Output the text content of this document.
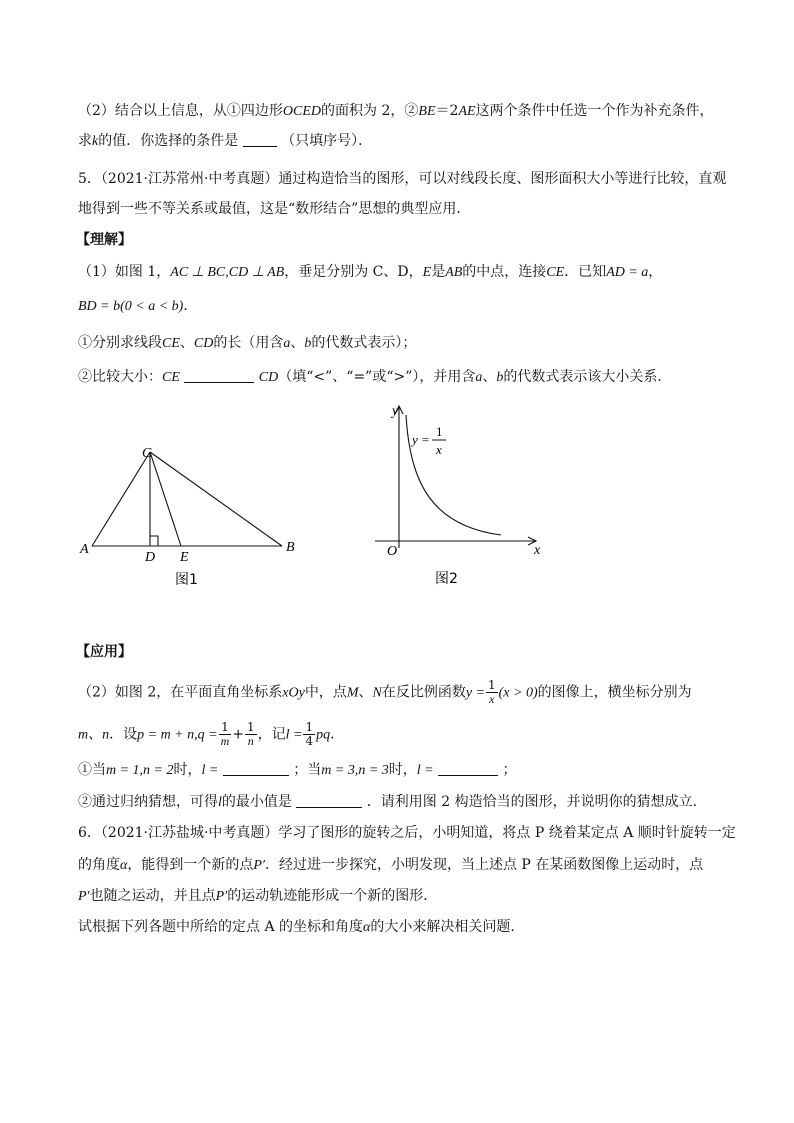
（2）结合以上信息，从①四边形OCED的面积为 2，②BE＝2AE这两个条件中任选一个作为补充条件，
求k的值．你选择的条件是	（只填序号）．
5．（2021·江苏常州·中考真题）通过构造恰当的图形，可以对线段长度、图形面积大小等进行比较，直观
地得到一些不等关系或最值，这是“数形结合”思想的典型应用．
【理解】
（1）如图 1，AC ⊥ BC,CD ⊥ AB，垂足分别为 C、D，E是AB的中点，连接CE．已知AD = a，
BD = b(0 < a < b)．
①分别求线段CE、CD的长（用含a、b的代数式表示）；
②比较大小：CE	CD（填“<”、“=”或“>”），并用含a、b的代数式表示该大小关系．
C
A	B
D E
图1
y
x
O
y =
1
x
图2
【应用】
（2）如图 2，在平面直角坐标系xOy中，点M、N在反比例函数$y = \frac{1}{x} (x > 0)$的图像上，横坐标分别为
m、n．设$p = m + n,q = \frac{1}{m} + \frac{1}{n}$ ，记$l = \frac{1}{4}$ pq．
①当m = 1,n = 2时，l =	；当m = 3,n = 3时，l =	；
②通过归纳猜想，可得l的最小值是	．请利用图 2 构造恰当的图形，并说明你的猜想成立．
6．（2021·江苏盐城·中考真题）学习了图形的旋转之后，小明知道，将点 P 绕着某定点 A 顺时针旋转一定
的角度α，能得到一个新的点P′．经过进一步探究，小明发现，当上述点 P 在某函数图像上运动时，点
P′也随之运动，并且点P′的运动轨迹能形成一个新的图形．
试根据下列各题中所给的定点 A 的坐标和角度α的大小来解决相关问题．
